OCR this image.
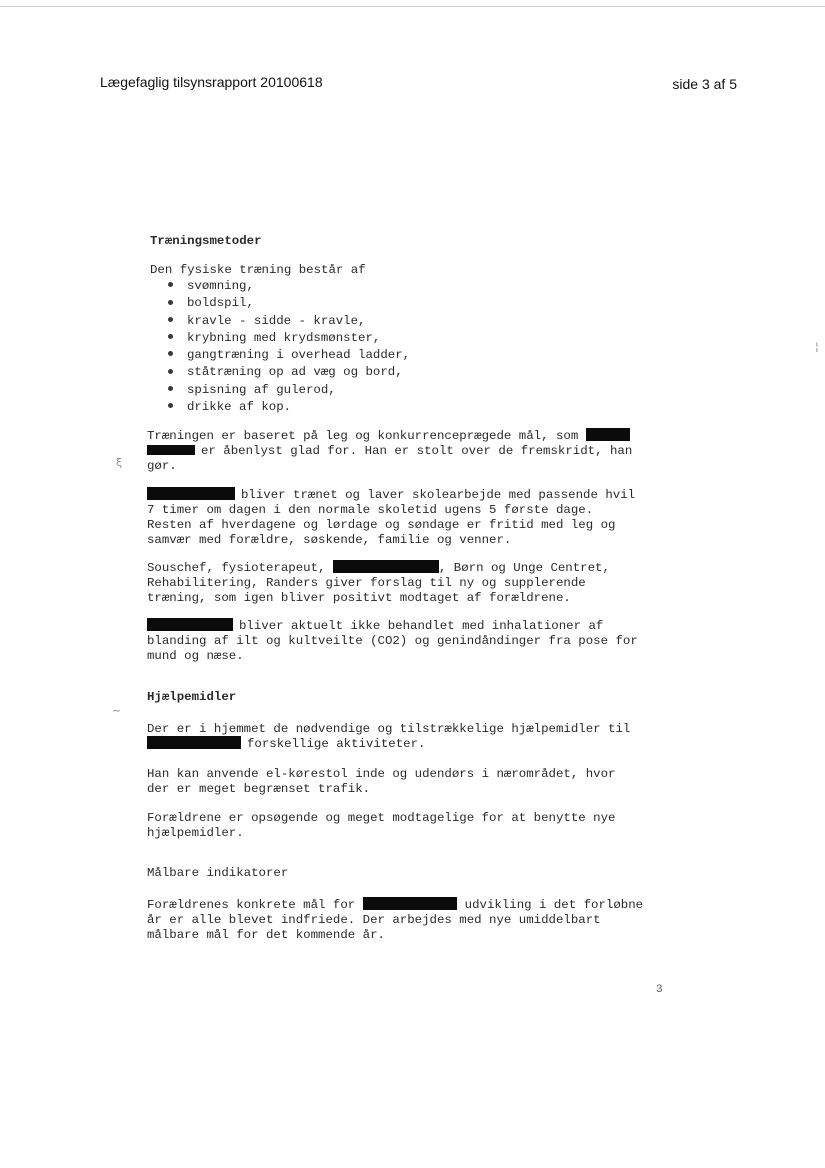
Lægefaglig tilsynsrapport 20100618	side 3 af 5
Træningsmetoder
Den fysiske træning består af
svømning,
boldspil,
kravle - sidde - kravle,
krybning med krydsmønster,
gangtræning i overhead ladder,
ståtræning op ad væg og bord,
spisning af gulerod,
drikke af kop.
Træningen er baseret på leg og konkurrenceprægede mål, som
er åbenlyst glad for. Han er stolt over de fremskridt, han
gør.
bliver trænet og laver skolearbejde med passende hvil
7 timer om dagen i den normale skoletid ugens 5 første dage.
Resten af hverdagene og lørdage og søndage er fritid med leg og
samvær med forældre, søskende, familie og venner.
Souschef, fysioterapeut,	, Børn og Unge Centret,
Rehabilitering, Randers giver forslag til ny og supplerende
træning, som igen bliver positivt modtaget af forældrene.
bliver aktuelt ikke behandlet med inhalationer af
blanding af ilt og kultveilte (CO2) og genindåndinger fra pose for
mund og næse.
Hjælpemidler
Der er i hjemmet de nødvendige og tilstrækkelige hjælpemidler til
forskellige aktiviteter.
Han kan anvende el-kørestol inde og udendørs i nærområdet, hvor
der er meget begrænset trafik.
Forældrene er opsøgende og meget modtagelige for at benytte nye
hjælpemidler.
Målbare indikatorer
Forældrenes konkrete mål for	udvikling i det forløbne
år er alle blevet indfriede. Der arbejdes med nye umiddelbart
målbare mål for det kommende år.
3
ξ
~
¦
